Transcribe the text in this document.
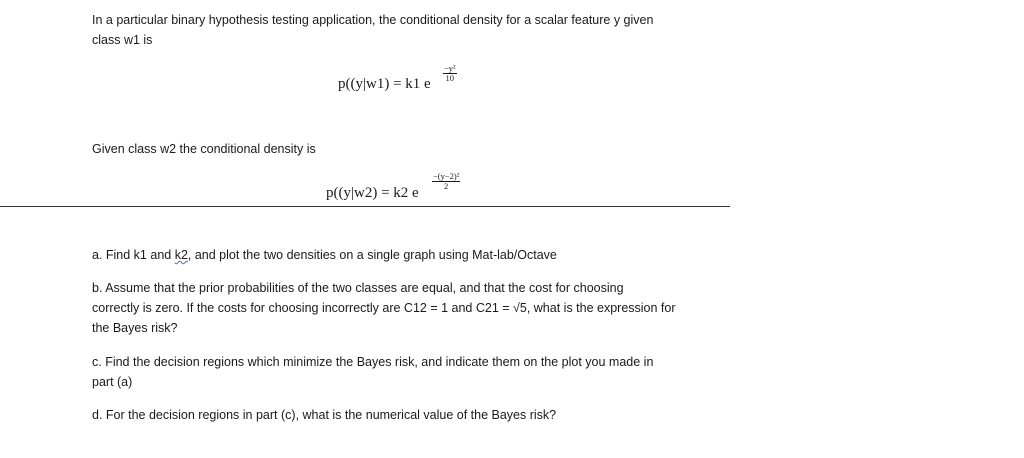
In a particular binary hypothesis testing application, the conditional density for a scalar feature y given
class w1 is
p((y|w1) = k1 e
$\frac{\text{−y²}}{10}$
Given class w2 the conditional density is
p((y|w2) = k2 e
$\frac{\text{−(y−2)²}}{2}$
a. Find k1 and k2, and plot the two densities on a single graph using Mat-lab/Octave
b. Assume that the prior probabilities of the two classes are equal, and that the cost for choosing
correctly is zero. If the costs for choosing incorrectly are C12 = 1 and C21 = √5, what is the expression for
the Bayes risk?
c. Find the decision regions which minimize the Bayes risk, and indicate them on the plot you made in
part (a)
d. For the decision regions in part (c), what is the numerical value of the Bayes risk?
